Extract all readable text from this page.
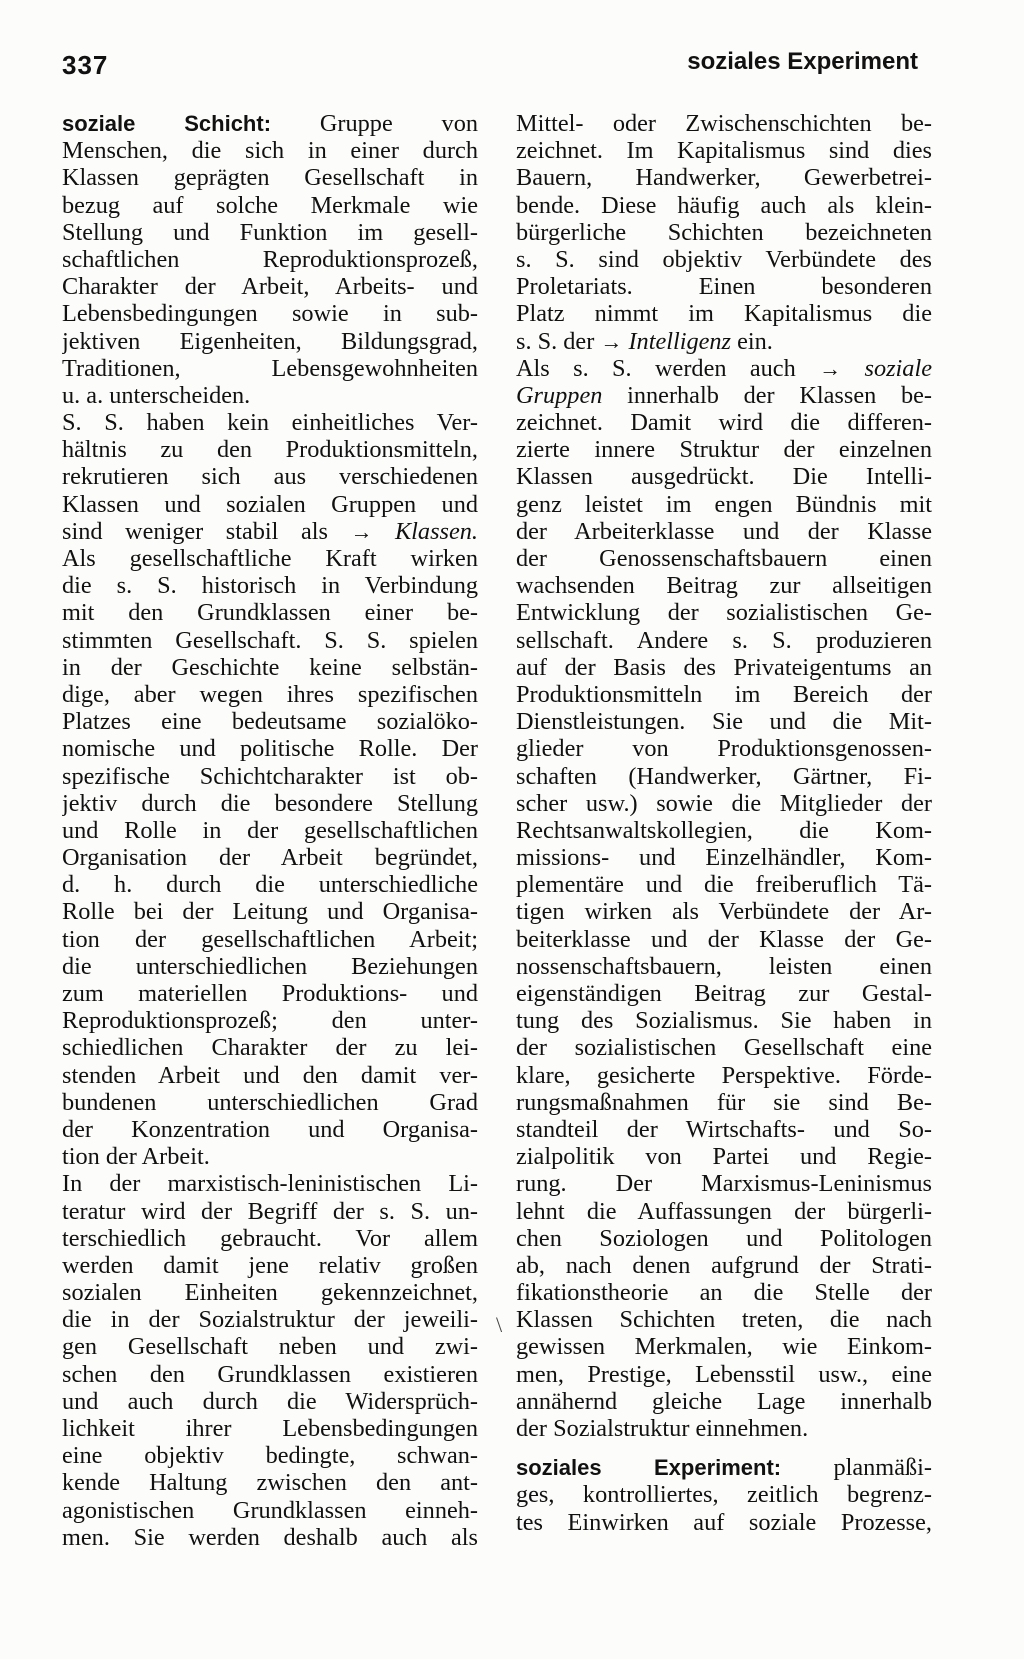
337	soziales Experiment
soziale Schicht: Gruppe von
Menschen, die sich in einer durch
Klassen geprägten Gesellschaft in
bezug auf solche Merkmale wie
Stellung und Funktion im gesell-
schaftlichen Reproduktionsprozeß,
Charakter der Arbeit, Arbeits- und
Lebensbedingungen sowie in sub-
jektiven Eigenheiten, Bildungsgrad,
Traditionen, Lebensgewohnheiten
u. a. unterscheiden.
S. S. haben kein einheitliches Ver-
hältnis zu den Produktionsmitteln,
rekrutieren sich aus verschiedenen
Klassen und sozialen Gruppen und
sind weniger stabil als → Klassen.
Als gesellschaftliche Kraft wirken
die s. S. historisch in Verbindung
mit den Grundklassen einer be-
stimmten Gesellschaft. S. S. spielen
in der Geschichte keine selbstän-
dige, aber wegen ihres spezifischen
Platzes eine bedeutsame sozialöko-
nomische und politische Rolle. Der
spezifische Schichtcharakter ist ob-
jektiv durch die besondere Stellung
und Rolle in der gesellschaftlichen
Organisation der Arbeit begründet,
d. h. durch die unterschiedliche
Rolle bei der Leitung und Organisa-
tion der gesellschaftlichen Arbeit;
die unterschiedlichen Beziehungen
zum materiellen Produktions- und
Reproduktionsprozeß; den unter-
schiedlichen Charakter der zu lei-
stenden Arbeit und den damit ver-
bundenen unterschiedlichen Grad
der Konzentration und Organisa-
tion der Arbeit.
In der marxistisch-leninistischen Li-
teratur wird der Begriff der s. S. un-
terschiedlich gebraucht. Vor allem
werden damit jene relativ großen
sozialen Einheiten gekennzeichnet,
die in der Sozialstruktur der jeweili-
gen Gesellschaft neben und zwi-
schen den Grundklassen existieren
und auch durch die Widersprüch-
lichkeit ihrer Lebensbedingungen
eine objektiv bedingte, schwan-
kende Haltung zwischen den ant-
agonistischen Grundklassen einneh-
men. Sie werden deshalb auch als
Mittel- oder Zwischenschichten be-
zeichnet. Im Kapitalismus sind dies
Bauern, Handwerker, Gewerbetrei-
bende. Diese häufig auch als klein-
bürgerliche Schichten bezeichneten
s. S. sind objektiv Verbündete des
Proletariats. Einen besonderen
Platz nimmt im Kapitalismus die
s. S. der → Intelligenz ein.
Als s. S. werden auch → soziale
Gruppen innerhalb der Klassen be-
zeichnet. Damit wird die differen-
zierte innere Struktur der einzelnen
Klassen ausgedrückt. Die Intelli-
genz leistet im engen Bündnis mit
der Arbeiterklasse und der Klasse
der Genossenschaftsbauern einen
wachsenden Beitrag zur allseitigen
Entwicklung der sozialistischen Ge-
sellschaft. Andere s. S. produzieren
auf der Basis des Privateigentums an
Produktionsmitteln im Bereich der
Dienstleistungen. Sie und die Mit-
glieder von Produktionsgenossen-
schaften (Handwerker, Gärtner, Fi-
scher usw.) sowie die Mitglieder der
Rechtsanwaltskollegien, die Kom-
missions- und Einzelhändler, Kom-
plementäre und die freiberuflich Tä-
tigen wirken als Verbündete der Ar-
beiterklasse und der Klasse der Ge-
nossenschaftsbauern, leisten einen
eigenständigen Beitrag zur Gestal-
tung des Sozialismus. Sie haben in
der sozialistischen Gesellschaft eine
klare, gesicherte Perspektive. Förde-
rungsmaßnahmen für sie sind Be-
standteil der Wirtschafts- und So-
zialpolitik von Partei und Regie-
rung. Der Marxismus-Leninismus
lehnt die Auffassungen der bürgerli-
chen Soziologen und Politologen
ab, nach denen aufgrund der Strati-
fikationstheorie an die Stelle der
Klassen Schichten treten, die nach
gewissen Merkmalen, wie Einkom-
men, Prestige, Lebensstil usw., eine
annähernd gleiche Lage innerhalb
der Sozialstruktur einnehmen.
soziales Experiment: planmäßi-
ges, kontrolliertes, zeitlich begrenz-
tes Einwirken auf soziale Prozesse,
\
